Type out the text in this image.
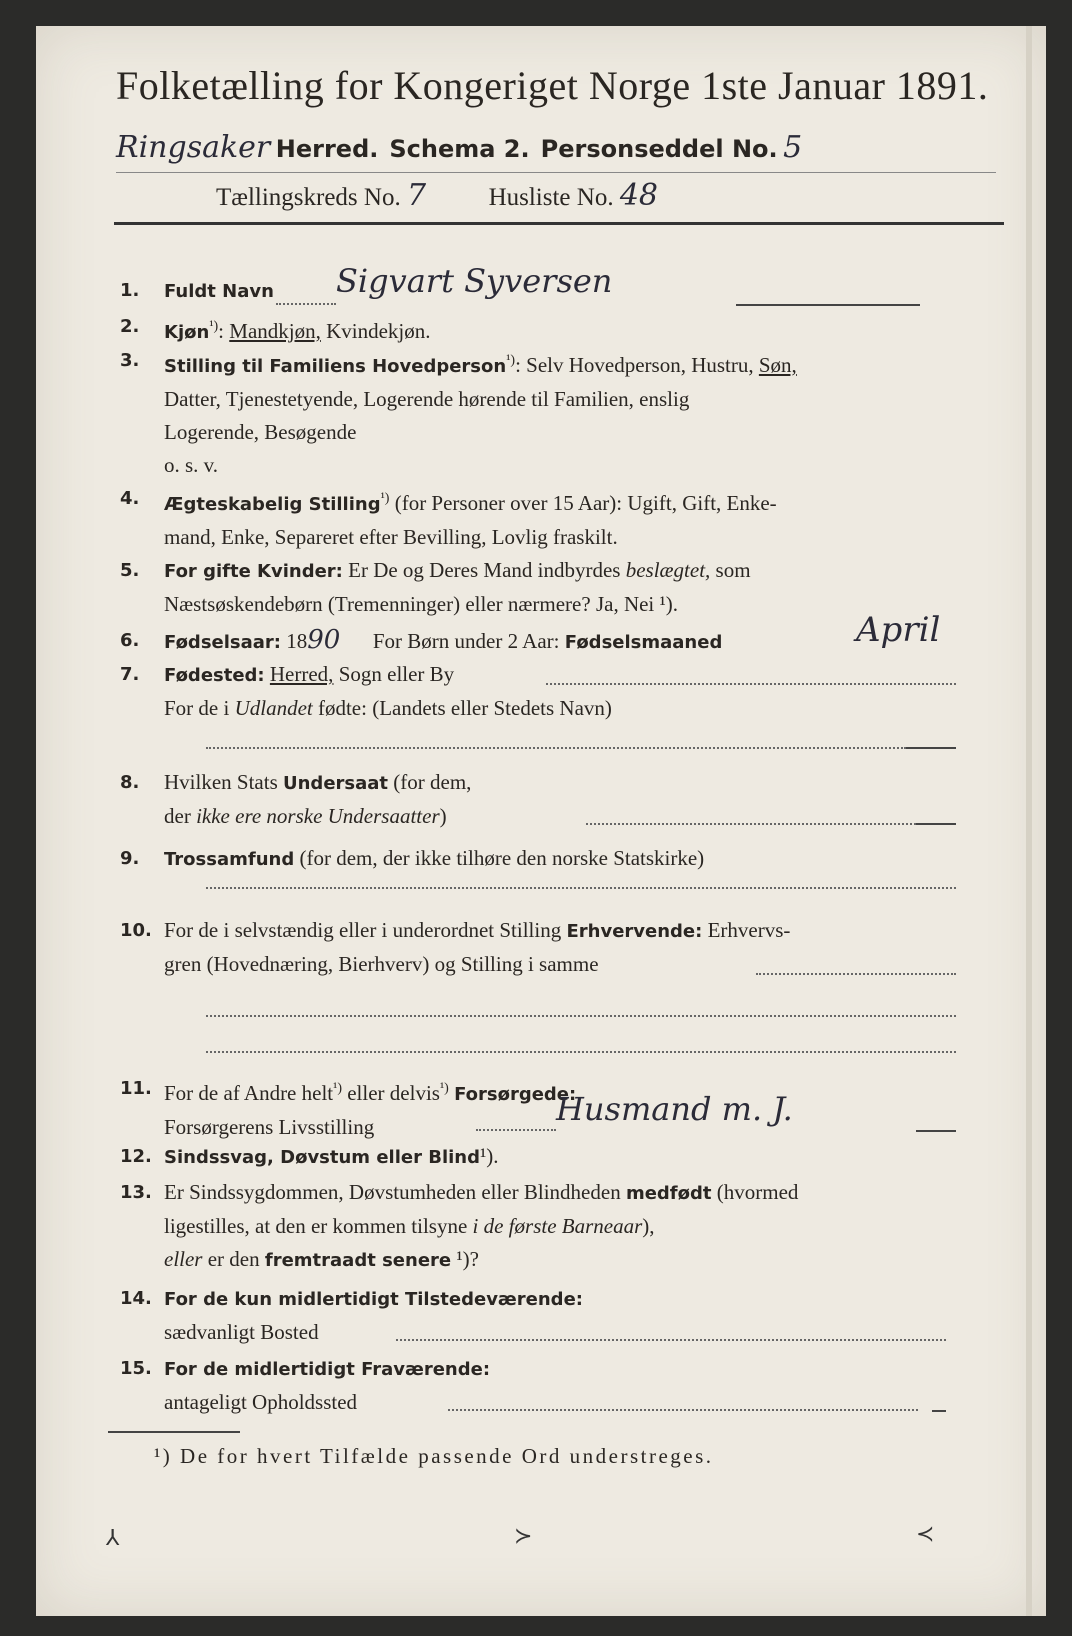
Folketælling for Kongeriget Norge 1ste Januar 1891.
Ringsaker Herred. Schema 2. Personseddel No. 5
Tællingskreds No. 7	Husliste No. 48
1.	Fuldt Navn	Sigvart Syversen
2.	Kjøn$^{^1)}$: Mandkjøn, Kvindekjøn.
3.	Stilling til Familiens Hovedperson$^{^1)}$: Selv Hovedperson, Hustru, Søn,
Datter, Tjenestetyende, Logerende hørende til Familien, enslig
Logerende, Besøgende
o. s. v.
4.	Ægteskabelig Stilling$^{^1)}$ (for Personer over 15 Aar): Ugift, Gift, Enke-
mand, Enke, Separeret efter Bevilling, Lovlig fraskilt.
5.	For gifte Kvinder: Er De og Deres Mand indbyrdes beslægtet, som
Næstsøskendebørn (Tremenninger) eller nærmere? Ja, Nei ¹).
6.	Fødselsaar: 1890 For Børn under 2 Aar: Fødselsmaaned	April
7.	Fødested: Herred, Sogn eller By
For de i Udlandet fødte: (Landets eller Stedets Navn)
8.	Hvilken Stats Undersaat (for dem,
der ikke ere norske Undersaatter)
9.	Trossamfund (for dem, der ikke tilhøre den norske Statskirke)
10. For de i selvstændig eller i underordnet Stilling Erhvervende: Erhvervs-
gren (Hovednæring, Bierhverv) og Stilling i samme
11. For de af Andre helt$^{^1)}$ eller delvis$^{^1)}$ Forsørgede:
Forsørgerens Livsstilling	Husmand m. J.
12. Sindssvag, Døvstum eller Blind¹).
13. Er Sindssygdommen, Døvstumheden eller Blindheden medfødt (hvormed
ligestilles, at den er kommen tilsyne i de første Barneaar),
eller er den fremtraadt senere ¹)?
14. For de kun midlertidigt Tilstedeværende:
sædvanligt Bosted
15. For de midlertidigt Fraværende:
antageligt Opholdssted
¹) De for hvert Tilfælde passende Ord understreges.
⅄	≻	≺
